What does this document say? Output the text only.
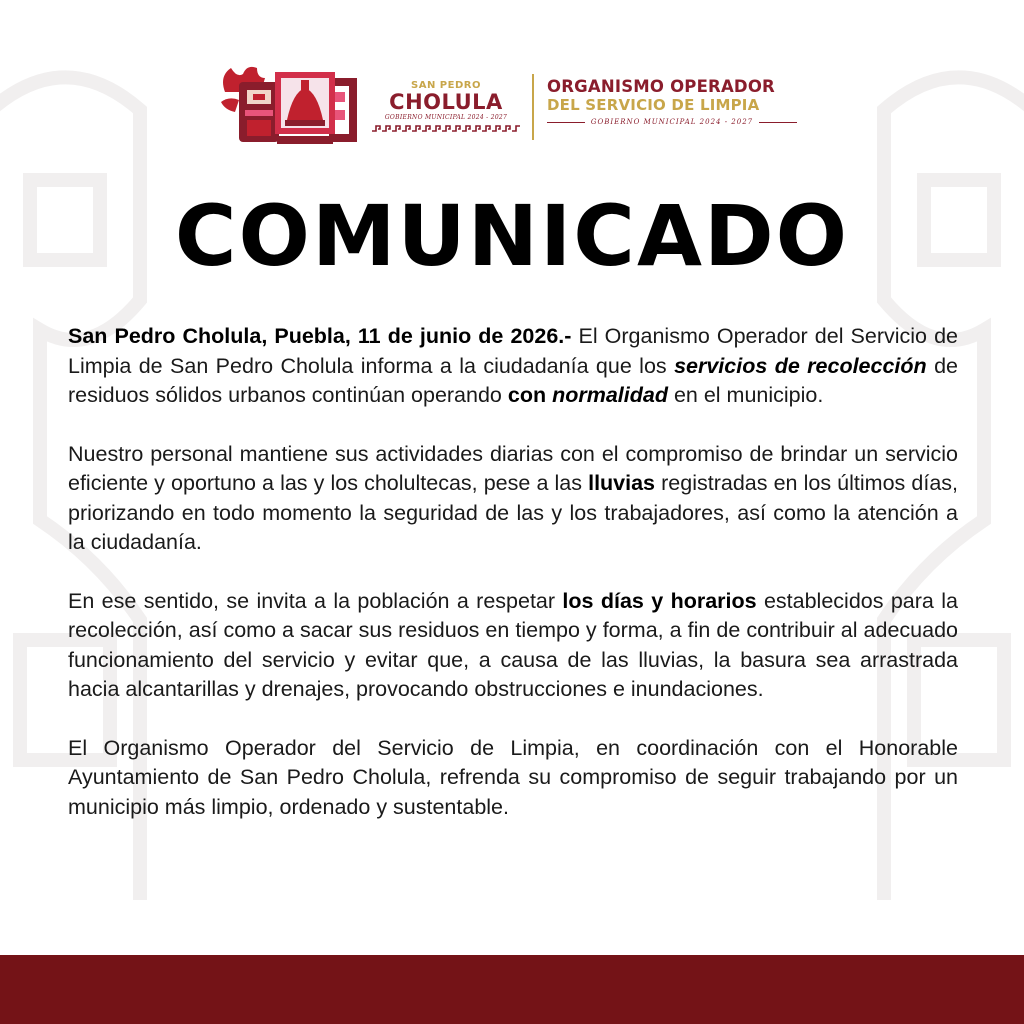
SAN PEDRO
CHOLULA
GOBIERNO MUNICIPAL 2024 - 2027
ORGANISMO OPERADOR
DEL SERVICIO DE LIMPIA
GOBIERNO MUNICIPAL 2024 - 2027
COMUNICADO

San Pedro Cholula, Puebla, 11 de junio de 2026.- El Organismo Operador del Servicio de Limpia de San Pedro Cholula informa a la ciudadanía que los servicios de recolección de residuos sólidos urbanos continúan operando con normalidad en el municipio.

Nuestro personal mantiene sus actividades diarias con el compromiso de brindar un servicio eficiente y oportuno a las y los cholultecas, pese a las lluvias registradas en los últimos días, priorizando en todo momento la seguridad de las y los trabajadores, así como la atención a la ciudadanía.

En ese sentido, se invita a la población a respetar los días y horarios establecidos para la recolección, así como a sacar sus residuos en tiempo y forma, a fin de contribuir al adecuado funcionamiento del servicio y evitar que, a causa de las lluvias, la basura sea arrastrada hacia alcantarillas y drenajes, provocando obstrucciones e inundaciones.

El Organismo Operador del Servicio de Limpia, en coordinación con el Honorable Ayuntamiento de San Pedro Cholula, refrenda su compromiso de seguir trabajando por un municipio más limpio, ordenado y sustentable.
